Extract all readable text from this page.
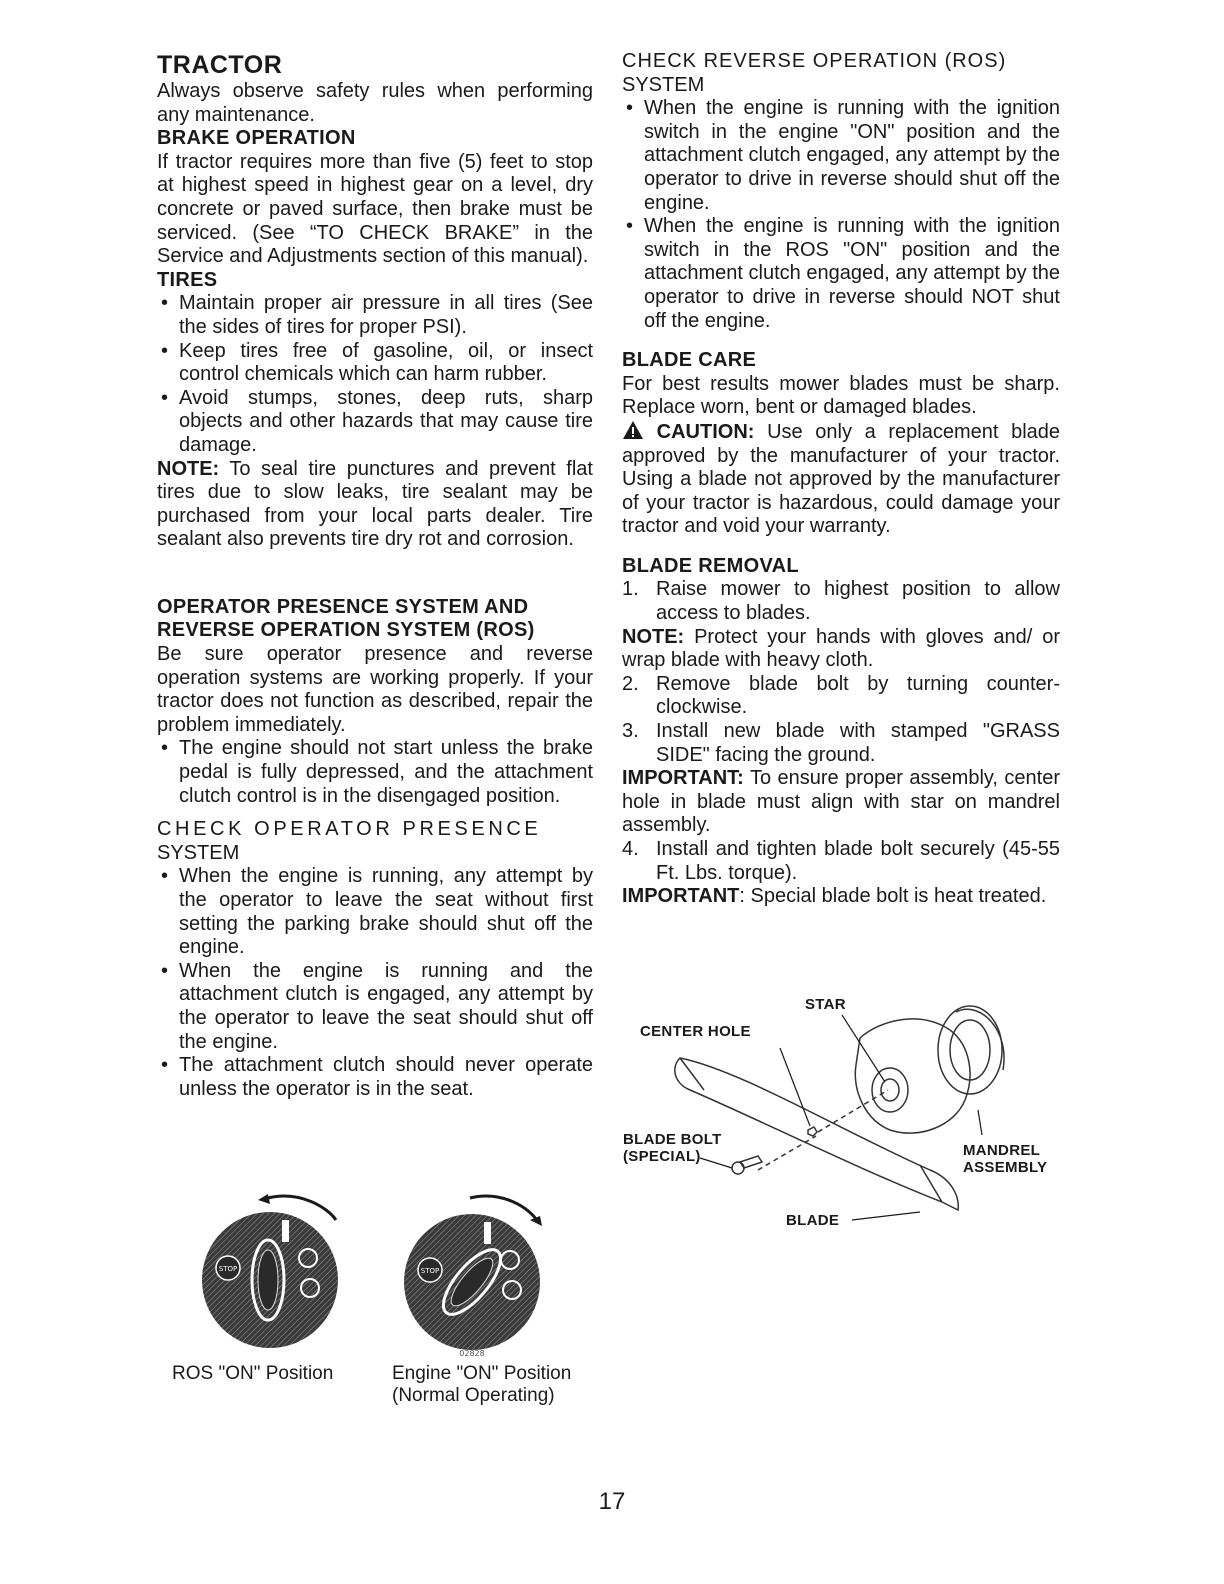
TRACTOR

Always observe safety rules when performing any maintenance.

BRAKE OPERATION

If tractor requires more than five (5) feet to stop at highest speed in highest gear on a level, dry concrete or paved surface, then brake must be serviced. (See “TO CHECK BRAKE” in the Service and Adjustments section of this manual).

TIRES
• Maintain proper air pressure in all tires (See the sides of tires for proper PSI).
• Keep tires free of gasoline, oil, or insect control chemicals which can harm rubber.
• Avoid stumps, stones, deep ruts, sharp objects and other hazards that may cause tire damage.

NOTE: To seal tire punctures and prevent flat tires due to slow leaks, tire sealant may be purchased from your local parts dealer. Tire sealant also prevents tire dry rot and corrosion.

OPERATOR PRESENCE SYSTEM AND
REVERSE OPERATION SYSTEM (ROS)

Be sure operator presence and reverse operation systems are working properly. If your tractor does not function as described, repair the problem immediately.

• The engine should not start unless the brake pedal is fully depressed, and the attachment clutch control is in the disengaged position.
CHECK OPERATOR PRESENCE
SYSTEM
• When the engine is running, any attempt by the operator to leave the seat without first setting the parking brake should shut off the engine.
• When the engine is running and the attachment clutch is engaged, any attempt by the operator to leave the seat should shut off the engine.
• The attachment clutch should never operate unless the operator is in the seat.
CHECK REVERSE OPERATION (ROS)
SYSTEM
• When the engine is running with the ignition switch in the engine "ON" position and the attachment clutch engaged, any attempt by the operator to drive in reverse should shut off the engine.
• When the engine is running with the ignition switch in the ROS "ON" position and the attachment clutch engaged, any attempt by the operator to drive in reverse should NOT shut off the engine.
BLADE CARE

For best results mower blades must be sharp. Replace worn, bent or damaged blades.

CAUTION: Use only a replacement blade approved by the manufacturer of your tractor. Using a blade not approved by the manufacturer of your tractor is hazardous, could damage your tractor and void your warranty.

BLADE REMOVAL
1. Raise mower to highest position to allow access to blades.

NOTE: Protect your hands with gloves and/ or wrap blade with heavy cloth.

2. Remove blade bolt by turning counter-clockwise.
3. Install new blade with stamped "GRASS SIDE" facing the ground.

IMPORTANT: To ensure proper assembly, center hole in blade must align with star on mandrel assembly.

4. Install and tighten blade bolt securely (45-55 Ft. Lbs. torque).

IMPORTANT: Special blade bolt is heat treated.

STAR
CENTER HOLE
BLADE BOLT
(SPECIAL)	MANDREL
ASSEMBLY
BLADE
STOP	STOP
02828
ROS "ON" Position	Engine "ON" Position
(Normal Operating)
17
